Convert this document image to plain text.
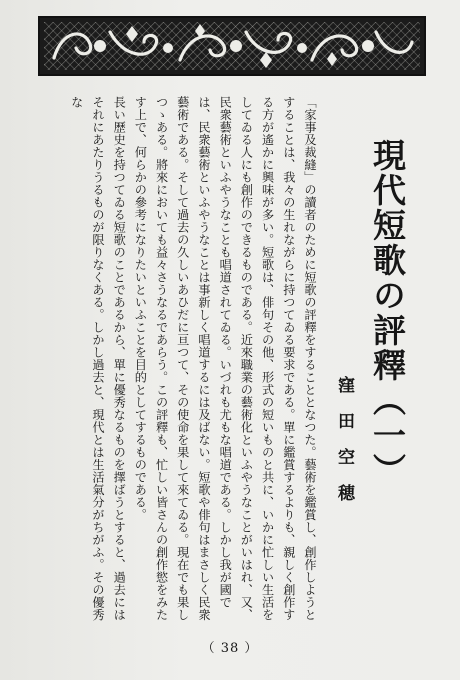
現代短歌の評釋（一）
窪田空穂

「家事及裁縫」の讀者のために短歌の評釋をすることとなつた。藝術を鑑賞し、創作しようとすることは、我々の生れながらに持つてゐる要求である。單に鑑賞するよりも、親しく創作する方が遙かに興味が多い。短歌は、俳句その他、形式の短いものと共に、いかに忙しい生活をしてゐる人にも創作のできるものである。近來職業の藝術化といふやうなことがいはれ、又、民衆藝術といふやうなことも唱道されてゐる。いづれも尤もな唱道である。しかし我が國では、民衆藝術といふやうなことは事新しく唱道するには及ばない。短歌や俳句はまさしく民衆藝術である。そして過去の久しいあひだに亘つて、その使命を果して來てゐる。現在でも果しつゝある。將來においても益々さうなるであらう。この評釋も、忙しい皆さんの創作慾をみたす上で、何らかの參考になりたいといふことを目的としてするものである。

長い歷史を持つてゐる短歌のことであるから、單に優秀なるものを擇ばうとすると、過去には それにあたりうるものが限りなくある。しかし過去と、現代とは生活氣分がちがふ。その優秀な

（ 38 ）
